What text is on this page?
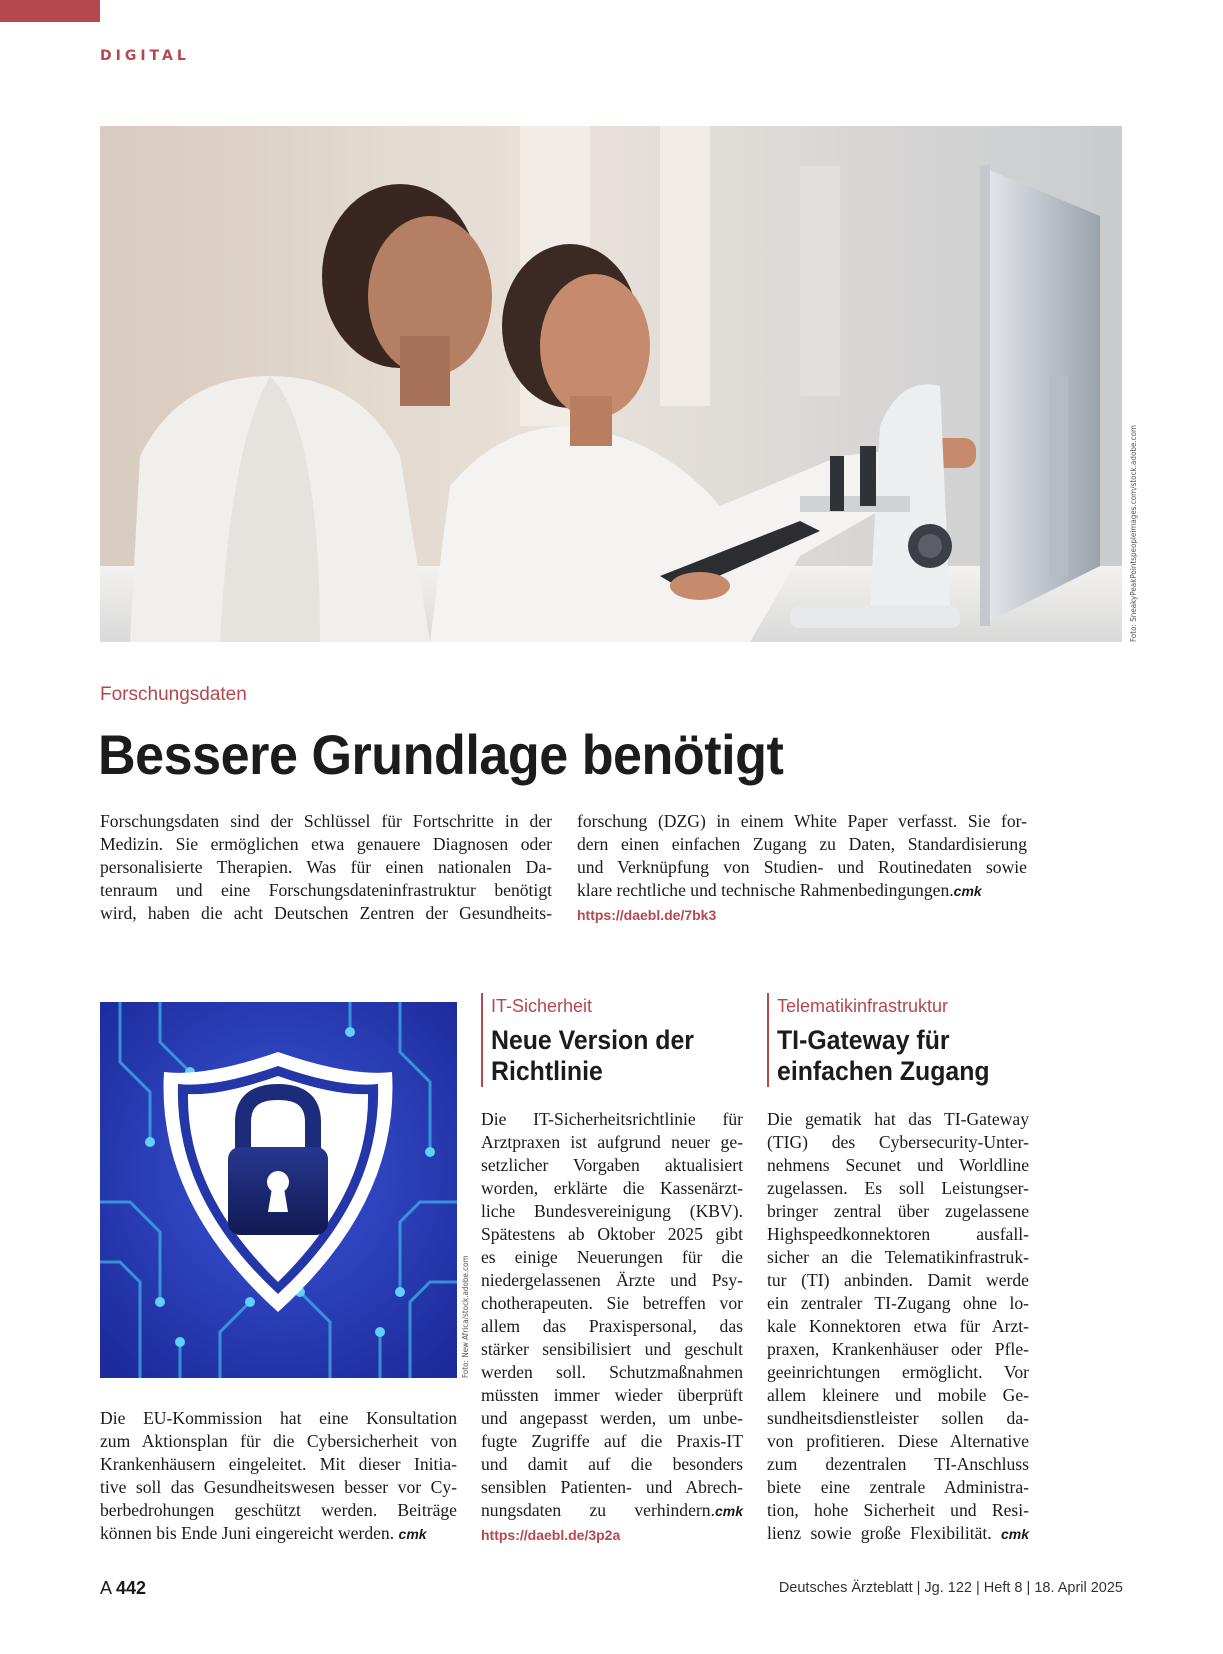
DIGITAL
Foto: SneakyPeakPointspeopleimages.com/stock.adobe.com
Forschungsdaten
Bessere Grundlage benötigt
Forschungsdaten sind der Schlüssel für Fortschritte in der
Medizin. Sie ermöglichen etwa genauere Diagnosen oder
personalisierte Therapien. Was für einen nationalen Da-
tenraum und eine Forschungsdateninfrastruktur benötigt
wird, haben die acht Deutschen Zentren der Gesundheits-
forschung (DZG) in einem White Paper verfasst. Sie for-
dern einen einfachen Zugang zu Daten, Standardisierung
und Verknüpfung von Studien- und Routinedaten sowie
klare rechtliche und technische Rahmenbedingungen.cmk
https://daebl.de/7bk3
Foto: New Africa/stock.adobe.com
Die EU-Kommission hat eine Konsultation
zum Aktionsplan für die Cybersicherheit von
Krankenhäusern eingeleitet. Mit dieser Initia-
tive soll das Gesundheitswesen besser vor Cy-
berbedrohungen geschützt werden. Beiträge
können bis Ende Juni eingereicht werden. cmk
IT-Sicherheit
Neue Version der
Richtlinie
Die IT-Sicherheitsrichtlinie für
Arztpraxen ist aufgrund neuer ge-
setzlicher Vorgaben aktualisiert
worden, erklärte die Kassenärzt-
liche Bundesvereinigung (KBV).
Spätestens ab Oktober 2025 gibt
es einige Neuerungen für die
niedergelassenen Ärzte und Psy-
chotherapeuten. Sie betreffen vor
allem das Praxispersonal, das
stärker sensibilisiert und geschult
werden soll. Schutzmaßnahmen
müssten immer wieder überprüft
und angepasst werden, um unbe-
fugte Zugriffe auf die Praxis-IT
und damit auf die besonders
sensiblen Patienten- und Abrech-
nungsdaten zu verhindern.cmk
https://daebl.de/3p2a
Telematikinfrastruktur
TI-Gateway für
einfachen Zugang
Die gematik hat das TI-Gateway
(TIG) des Cybersecurity-Unter-
nehmens Secunet und Worldline
zugelassen. Es soll Leistungser-
bringer zentral über zugelassene
Highspeedkonnektoren ausfall-
sicher an die Telematikinfrastruk-
tur (TI) anbinden. Damit werde
ein zentraler TI-Zugang ohne lo-
kale Konnektoren etwa für Arzt-
praxen, Krankenhäuser oder Pfle-
geeinrichtungen ermöglicht. Vor
allem kleinere und mobile Ge-
sundheitsdienstleister sollen da-
von profitieren. Diese Alternative
zum dezentralen TI-Anschluss
biete eine zentrale Administra-
tion, hohe Sicherheit und Resi-
lienz sowie große Flexibilität. cmk
A 442	Deutsches Ärzteblatt | Jg. 122 | Heft 8 | 18. April 2025
